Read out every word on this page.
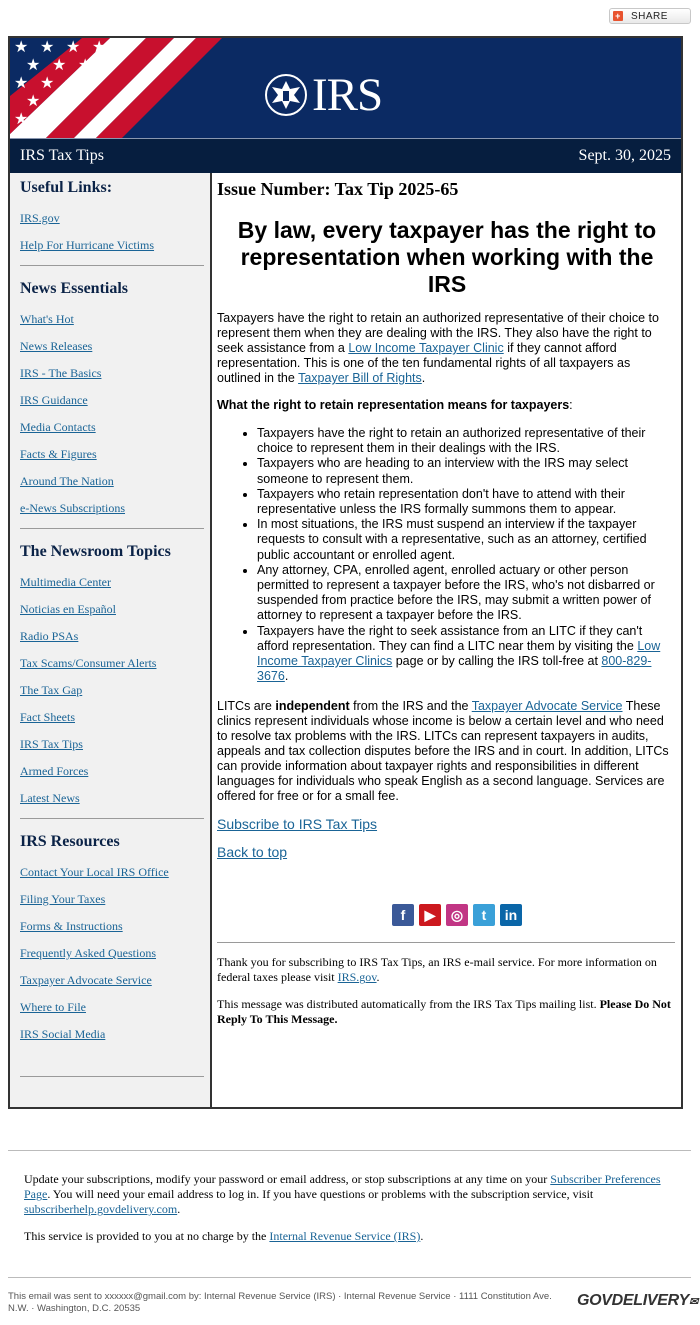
+ SHARE
★ ★ ★ ★
★ ★ ★
★ ★ ★
★ ★
★	IRS
IRS Tax Tips	Sept. 30, 2025
Useful Links:
IRS.gov
Help For Hurricane Victims
News Essentials
What's Hot
News Releases
IRS - The Basics
IRS Guidance
Media Contacts
Facts & Figures
Around The Nation
e-News Subscriptions
The Newsroom Topics
Multimedia Center
Noticias en Español
Radio PSAs
Tax Scams/Consumer Alerts
The Tax Gap
Fact Sheets
IRS Tax Tips
Armed Forces
Latest News
IRS Resources
Contact Your Local IRS Office
Filing Your Taxes
Forms & Instructions
Frequently Asked Questions
Taxpayer Advocate Service
Where to File
IRS Social Media
Issue Number: Tax Tip 2025-65
By law, every taxpayer has the right to representation when working with the IRS

Taxpayers have the right to retain an authorized representative of their choice to represent them when they are dealing with the IRS. They also have the right to seek assistance from a Low Income Taxpayer Clinic if they cannot afford representation. This is one of the ten fundamental rights of all taxpayers as outlined in the Taxpayer Bill of Rights.

What the right to retain representation means for taxpayers:

• Taxpayers have the right to retain an authorized representative of their choice to represent them in their dealings with the IRS.
• Taxpayers who are heading to an interview with the IRS may select someone to represent them.
• Taxpayers who retain representation don't have to attend with their representative unless the IRS formally summons them to appear.
• In most situations, the IRS must suspend an interview if the taxpayer requests to consult with a representative, such as an attorney, certified public accountant or enrolled agent.
• Any attorney, CPA, enrolled agent, enrolled actuary or other person permitted to represent a taxpayer before the IRS, who's not disbarred or suspended from practice before the IRS, may submit a written power of attorney to represent a taxpayer before the IRS.
• Taxpayers have the right to seek assistance from an LITC if they can't afford representation. They can find a LITC near them by visiting the Low Income Taxpayer Clinics page or by calling the IRS toll-free at 800-829-3676.

LITCs are independent from the IRS and the Taxpayer Advocate Service These clinics represent individuals whose income is below a certain level and who need to resolve tax problems with the IRS. LITCs can represent taxpayers in audits, appeals and tax collection disputes before the IRS and in court. In addition, LITCs can provide information about taxpayer rights and responsibilities in different languages for individuals who speak English as a second language. Services are offered for free or for a small fee.

Subscribe to IRS Tax Tips
Back to top
f	▶	◎	t	in

Thank you for subscribing to IRS Tax Tips, an IRS e-mail service. For more information on federal taxes please visit IRS.gov.

This message was distributed automatically from the IRS Tax Tips mailing list. Please Do Not Reply To This Message.

Update your subscriptions, modify your password or email address, or stop subscriptions at any time on your Subscriber Preferences Page. You will need your email address to log in. If you have questions or problems with the subscription service, visit subscriberhelp.govdelivery.com.

This service is provided to you at no charge by the Internal Revenue Service (IRS).

This email was sent to xxxxxx@gmail.com by: Internal Revenue Service (IRS) · Internal Revenue Service · 1111 Constitution Ave. N.W. · Washington, D.C. 20535	GOVDELIVERY✉
